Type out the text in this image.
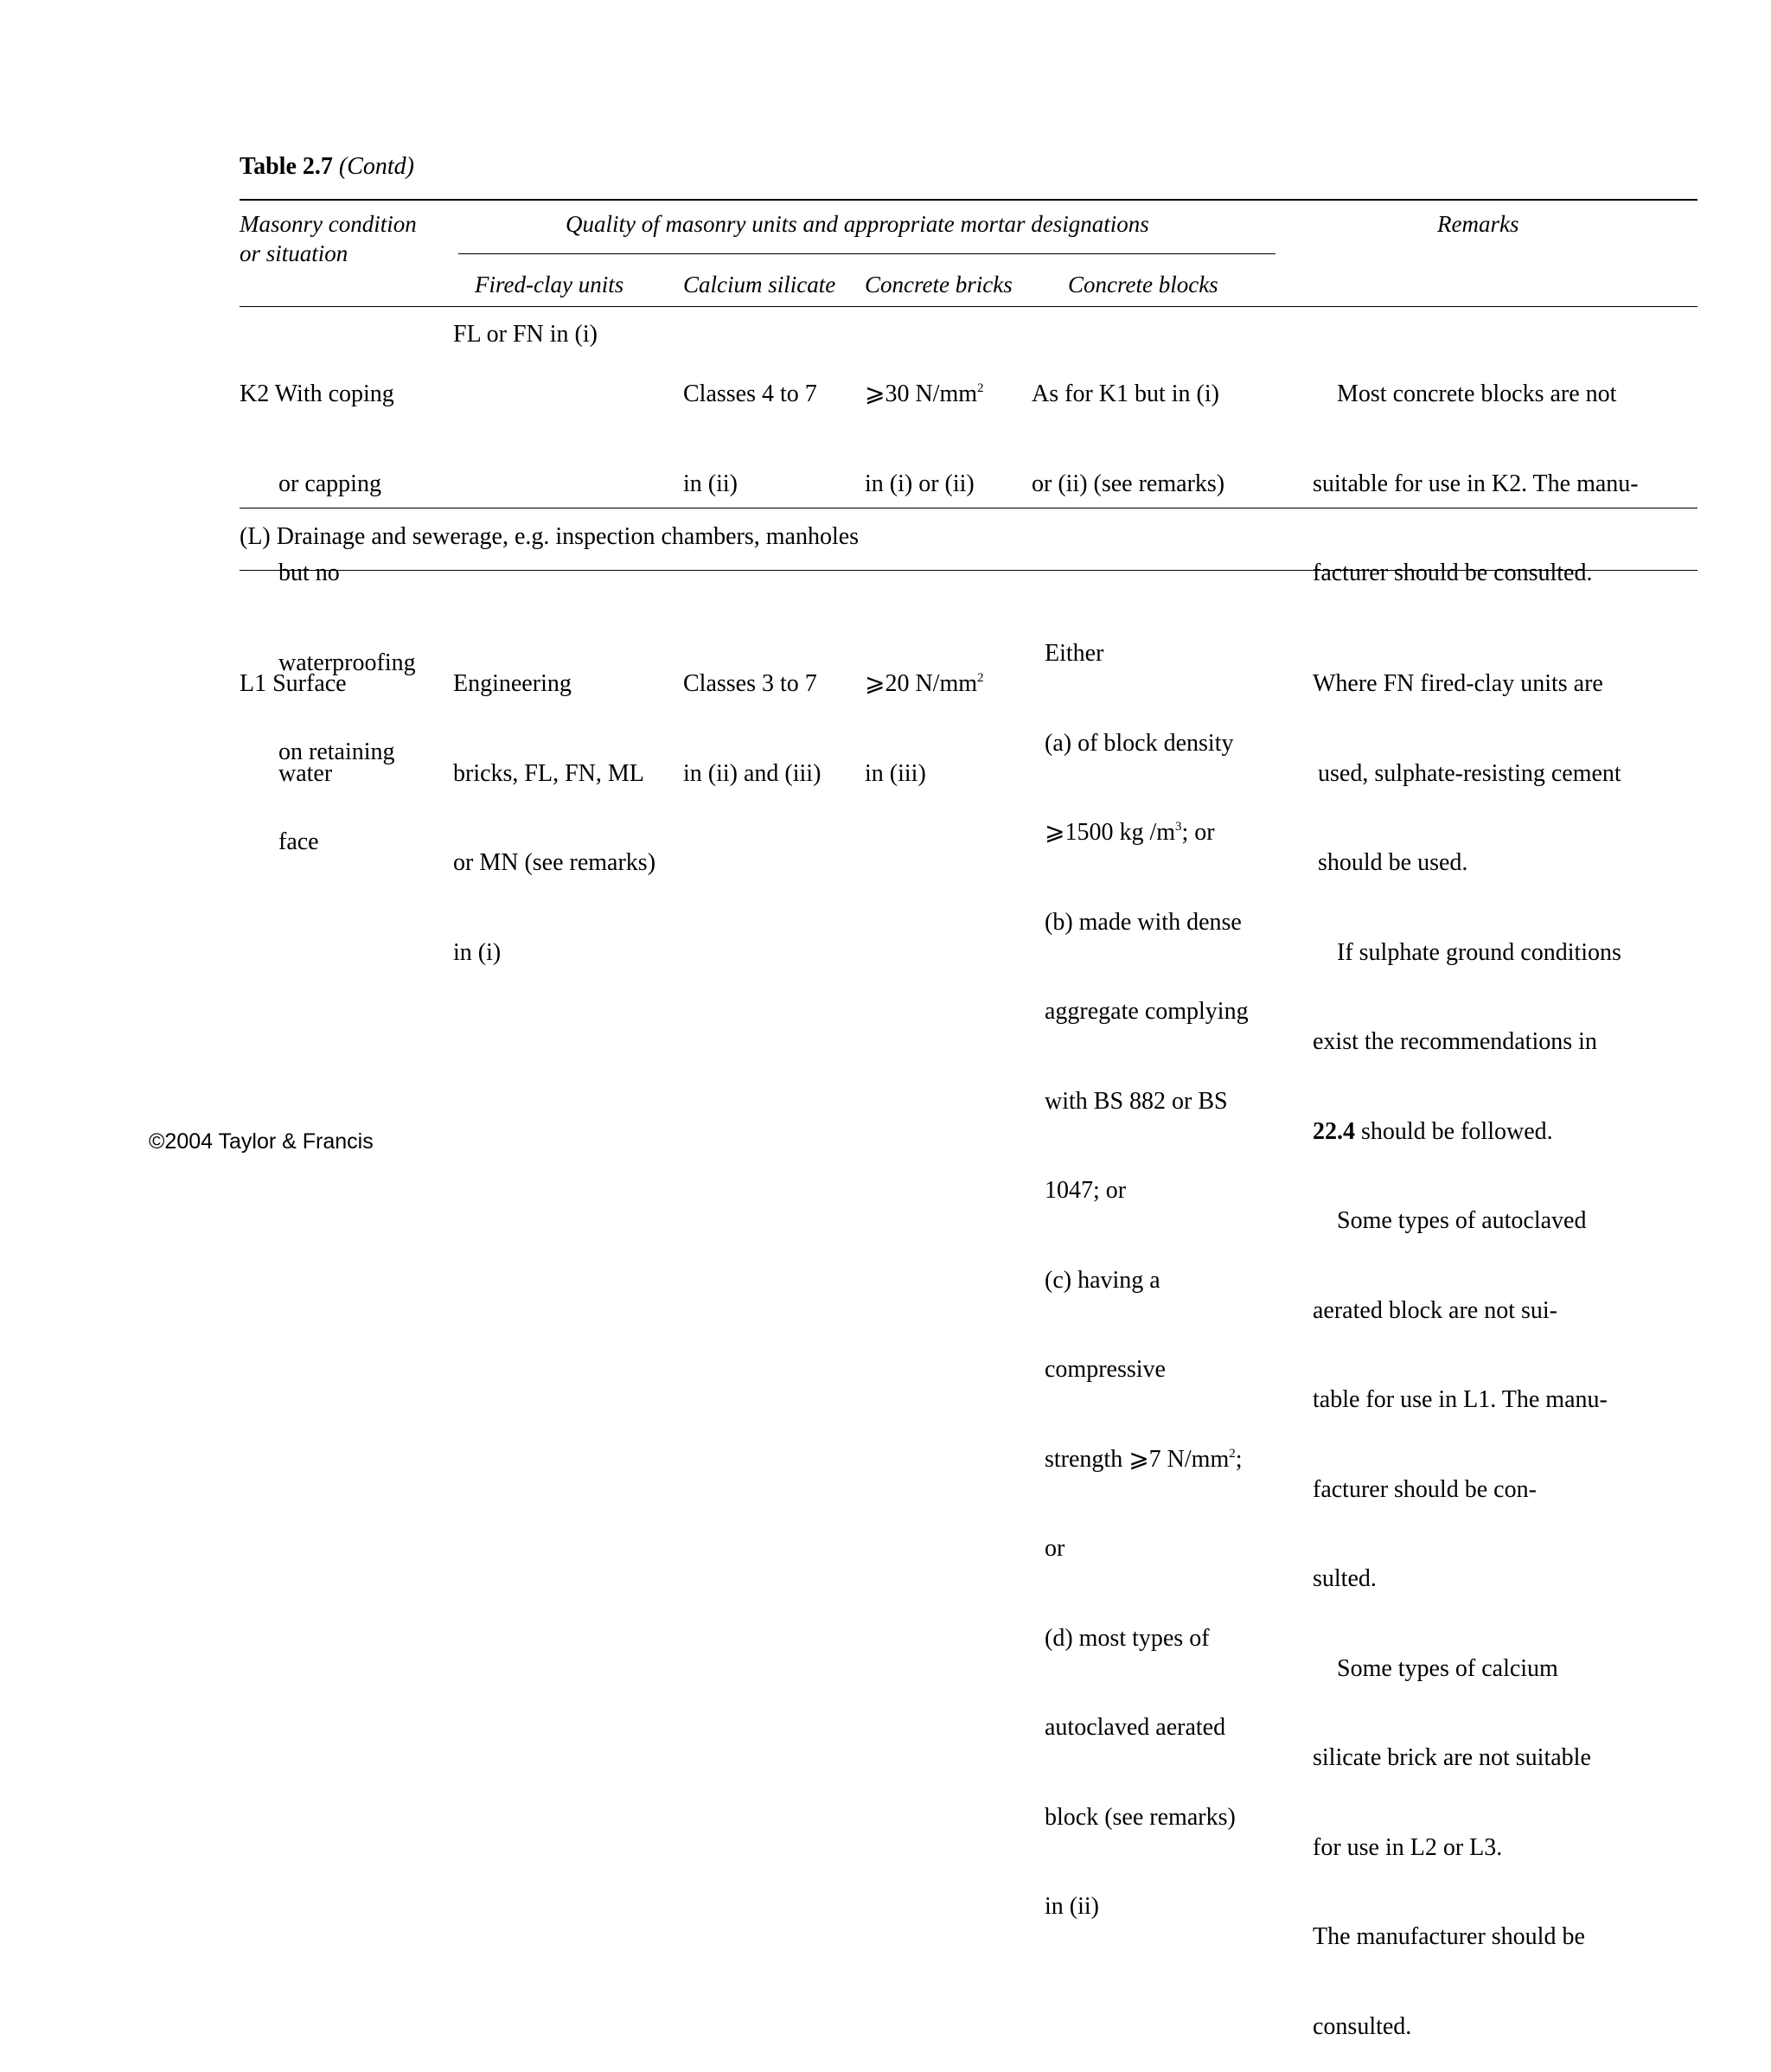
Table 2.7 (Contd)
Masonry condition
or situation
Quality of masonry units and appropriate mortar designations	Remarks
Fired-clay units	Calcium silicate Concrete bricks Concrete blocks

K2 With coping

or capping

but no

waterproofing

on retaining

face

FL or FN in (i)

Classes 4 to 7

in (ii)

⩾30 $N/mm^2$

in (i) or (ii)

As for K1 but in (i)

or (ii) (see remarks)

Most concrete blocks are not

suitable for use in K2. The manu-

facturer should be consulted.

(L) Drainage and sewerage, e.g. inspection chambers, manholes

L1 Surface

water

Engineering

bricks, FL, FN, ML

or MN (see remarks)

in (i)

Classes 3 to 7

in (ii) and (iii)

⩾20 $N/mm^2$

in (iii)

Either

(a) of block density

⩾1500 kg $/m^3$; or

(b) made with dense

aggregate complying

with BS 882 or BS

1047; or

(c) having a

compressive

strength ⩾7 $N/mm^2$;

or

(d) most types of

autoclaved aerated

block (see remarks)

in (ii)

Where FN fired-clay units are

used, sulphate-resisting cement

should be used.

If sulphate ground conditions

exist the recommendations in

22.4 should be followed.

Some types of autoclaved

aerated block are not sui-

table for use in L1. The manu-

facturer should be con-

sulted.

Some types of calcium

silicate brick are not suitable

for use in L2 or L3.

The manufacturer should be

consulted.

©2004 Taylor & Francis
